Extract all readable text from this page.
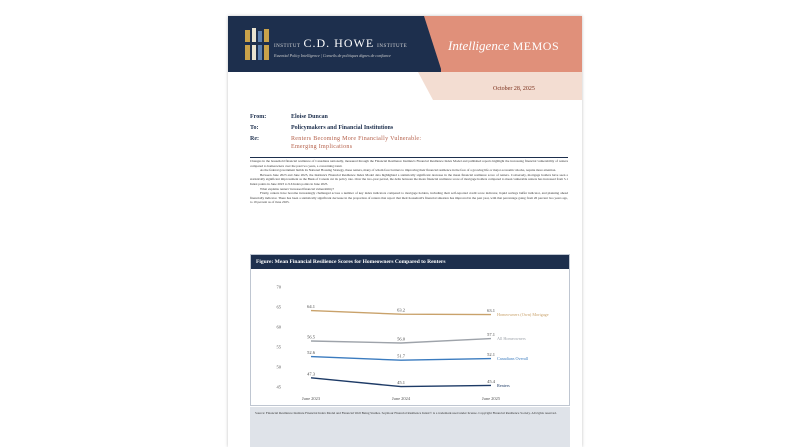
INSTITUT C.D. HOWE INSTITUTE
Essential Policy Intelligence | Conseils de politiques dignes de confiance
Intelligence MEMOS
October 28, 2025
From:	Eloise Duncan
To:	Policymakers and Financial Institutions
Re:	Renters Becoming More Financially Vulnerable:
Emerging Implications

Changes in the household financial resilience of Canadians nationally, measured through the Financial Resilience Institute's Financial Resilience Index Model and published reports highlight the increasing financial vulnerability of renters compared to homeowners over the past two years, a concerning trend.

As the federal government builds its National Housing Strategy, these renters, many of whom face barriers to improving their financial resilience in the face of a growing life or major economic shocks, require more attention.

Between June 2023 and June 2025, the Institute's Financial Resilience Index Model data highlighted a statistically significant decrease in the mean financial resilience score of renters. Conversely, mortgage holders have seen a statistically significant improvement as the Bank of Canada cut its policy rate. Over the two-year period, the delta between the mean financial resilience score of mortgage holders compared to mean vulnerable renters has increased from 5.1 Index points in June 2023 to 9.6 Index points in June 2025.

What explains renters' increased financial vulnerability?

Firstly, renters have become increasingly challenged across a number of key index indicators compared to mortgage holders, including their self-reported credit score indicator, liquid savings buffer indicator, and planning ahead financially indicator. There has been a statistically significant decrease in the proportion of renters that report that their household's financial situation has improved in the past year, with that percentage going from 26 percent two years ago, to 19 percent as of June 2025.

Figure: Mean Financial Resilience Scores for Homeowners Compared to Renters
45
50
55
60
65
70
June 2023	June 2024	June 2025
64.1
63.2	63.1
Homeowners (Own) Mortgage
56.5	56.0
57.1
All Homeowners
52.6
51.7	52.1
Canadians Overall
47.3
45.1	45.4
Renters
Source: Financial Resilience Institute Financial Index Model and Financial Well Being Studies. Seymour Financial Resilience Index® is a trademark used under license. Copyright Financial Resilience Society. All rights reserved.
